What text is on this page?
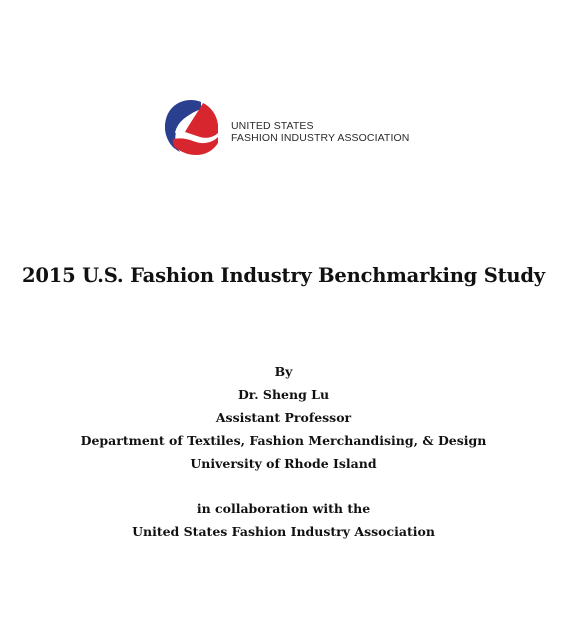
UNITED STATES
FASHION INDUSTRY ASSOCIATION
2015 U.S. Fashion Industry Benchmarking Study
By
Dr. Sheng Lu
Assistant Professor
Department of Textiles, Fashion Merchandising, & Design
University of Rhode Island
in collaboration with the
United States Fashion Industry Association
